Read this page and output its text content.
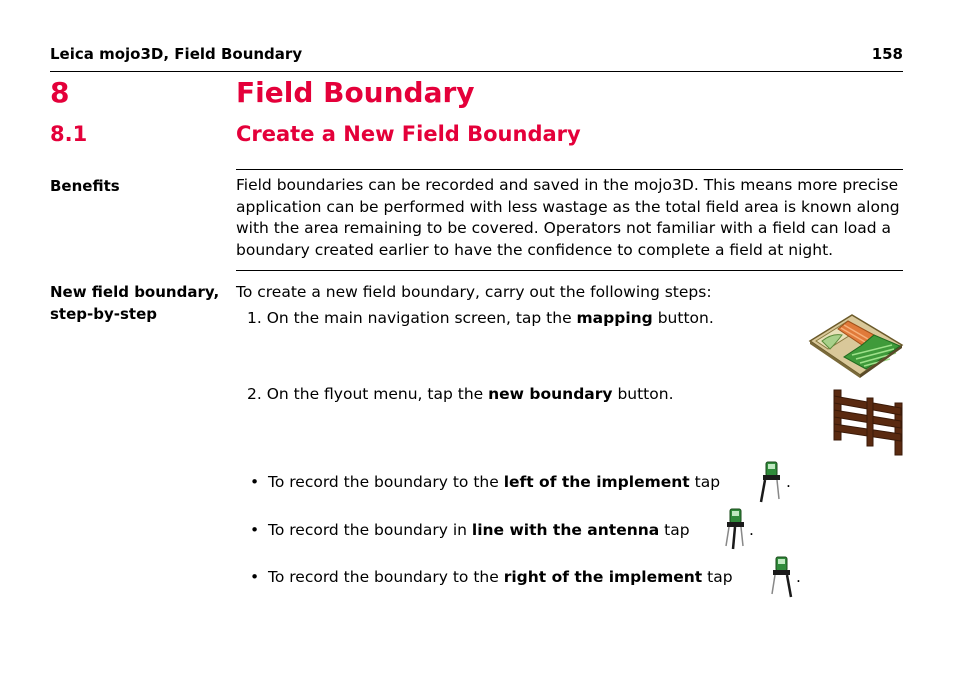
Leica mojo3D, Field Boundary	158
8	Field Boundary
8.1	Create a New Field Boundary
Benefits	Field boundaries can be recorded and saved in the mojo3D. This means more precise application can be performed with less wastage as the total field area is known along with the area remaining to be covered. Operators not familiar with a field can load a boundary created earlier to have the confidence to complete a field at night.
New field boundary, step-by-step
To create a new field boundary, carry out the following steps:
1. On the main navigation screen, tap the mapping button.
2. On the flyout menu, tap the new boundary button.
• To record the boundary to the left of the implement tap	.
• To record the boundary in line with the antenna tap	.
• To record the boundary to the right of the implement tap	.
